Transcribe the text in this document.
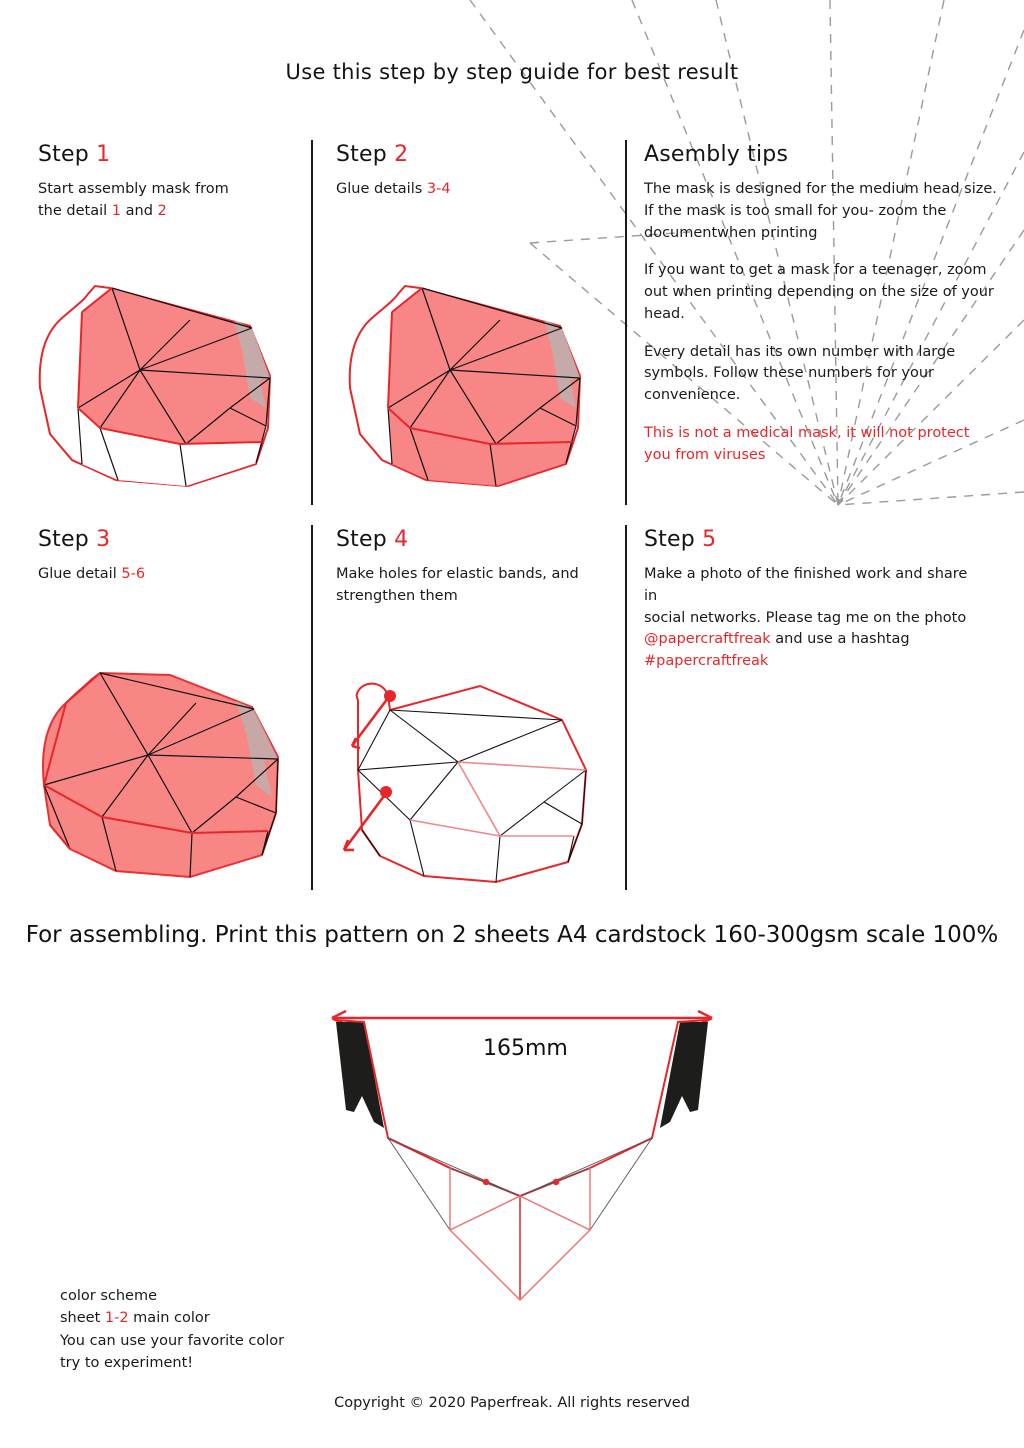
Use this step by step guide for best result
Step 1
Start assembly mask from
the detail 1 and 2
Step 2
Glue details 3-4
Asembly tips

The mask is designed for the medium head size. If the mask is too small for you- zoom the documentwhen printing

If you want to get a mask for a teenager, zoom out when printing depending on the size of your head.

Every detail has its own number with large symbols. Follow these numbers for your convenience.

This is not a medical mask, it will not protect you from viruses

Step 3
Glue detail 5-6
Step 4
Make holes for elastic bands, and
strengthen them
Step 5
Make a photo of the finished work and share in
social networks. Please tag me on the photo
@papercraftfreak and use a hashtag
#papercraftfreak
For assembling. Print this pattern on 2 sheets A4 cardstock 160-300gsm scale 100%
165mm
color scheme
sheet 1-2 main color
You can use your favorite color
try to experiment!
Copyright © 2020 Paperfreak. All rights reserved
